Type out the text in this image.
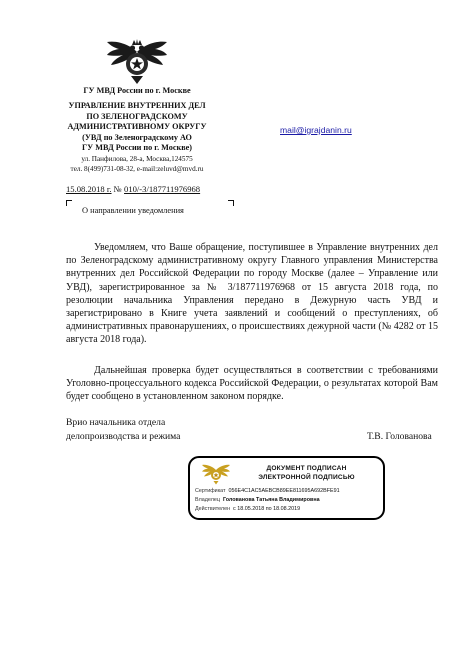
ГУ МВД России по г. Москве
УПРАВЛЕНИЕ ВНУТРЕННИХ ДЕЛ
ПО ЗЕЛЕНОГРАДСКОМУ
АДМИНИСТРАТИВНОМУ ОКРУГУ
(УВД по Зеленоградскому АО
ГУ МВД России по г. Москве)
ул. Панфилова, 28-а, Москва,124575
тел. 8(499)731-08-32, e-mail:zeluvd@mvd.ru
15.08.2018 г. № 010/-3/187711976968
О направлении уведомления
mail@igrajdanin.ru
Уведомляем, что Ваше обращение, поступившее в Управление внутренних дел по Зеленоградскому административному округу Главного управления Министерства внутренних дел Российской Федерации по городу Москве (далее – Управление или УВД), зарегистрированное за № 3/187711976968 от 15 августа 2018 года, по резолюции начальника Управления передано в Дежурную часть УВД и зарегистрировано в Книге учета заявлений и сообщений о преступлениях, об административных правонарушениях, о происшествиях дежурной части (№ 4282 от 15 августа 2018 года).
Дальнейшая проверка будет осуществляться в соответствии с требованиями Уголовно-процессуального кодекса Российской Федерации, о результатах которой Вам будет сообщено в установленном законом порядке.
Врио начальника отдела
делопроизводства и режима	Т.В. Голованова
ДОКУМЕНТ ПОДПИСАН
ЭЛЕКТРОННОЙ ПОДПИСЬЮ
Сертификат 056E4C1AC5AEBCB89EE811695A692BFE91
Владелец Голованова Татьяна Владимировна
Действителен с 18.05.2018 по 18.08.2019
